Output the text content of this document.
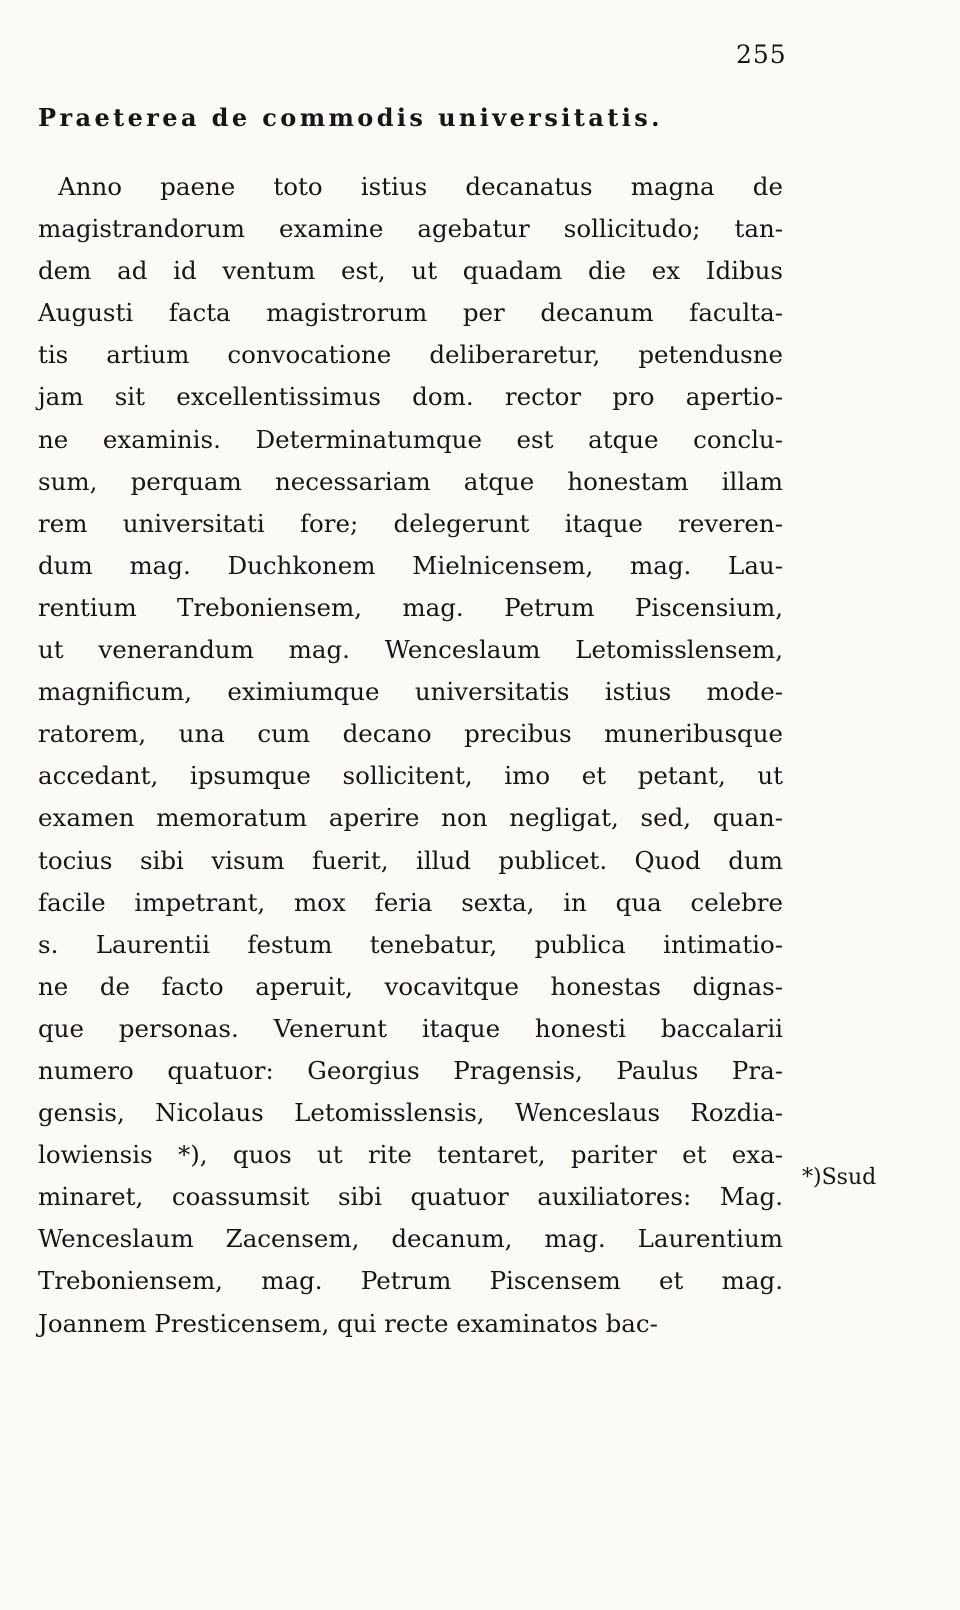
255
Praeterea de commodis universitatis.
Anno paene toto istius decanatus magna de
magistrandorum examine agebatur sollicitudo; tan-
dem ad id ventum est, ut quadam die ex Idibus
Augusti facta magistrorum per decanum faculta-
tis artium convocatione deliberaretur, petendusne
jam sit excellentissimus dom. rector pro apertio-
ne examinis. Determinatumque est atque conclu-
sum, perquam necessariam atque honestam illam
rem universitati fore; delegerunt itaque reveren-
dum mag. Duchkonem Mielnicensem, mag. Lau-
rentium Treboniensem, mag. Petrum Piscensium,
ut venerandum mag. Wenceslaum Letomisslensem,
magnificum, eximiumque universitatis istius mode-
ratorem, una cum decano precibus muneribusque
accedant, ipsumque sollicitent, imo et petant, ut
examen memoratum aperire non negligat, sed, quan-
tocius sibi visum fuerit, illud publicet. Quod dum
facile impetrant, mox feria sexta, in qua celebre
s. Laurentii festum tenebatur, publica intimatio-
ne de facto aperuit, vocavitque honestas dignas-
que personas. Venerunt itaque honesti baccalarii
numero quatuor: Georgius Pragensis, Paulus Pra-
gensis, Nicolaus Letomisslensis, Wenceslaus Rozdia-
lowiensis *), quos ut rite tentaret, pariter et exa-
minaret, coassumsit sibi quatuor auxiliatores: Mag.
Wenceslaum Zacensem, decanum, mag. Laurentium
Treboniensem, mag. Petrum Piscensem et mag.
Joannem Presticensem, qui recte examinatos bac-
*)Ssud
